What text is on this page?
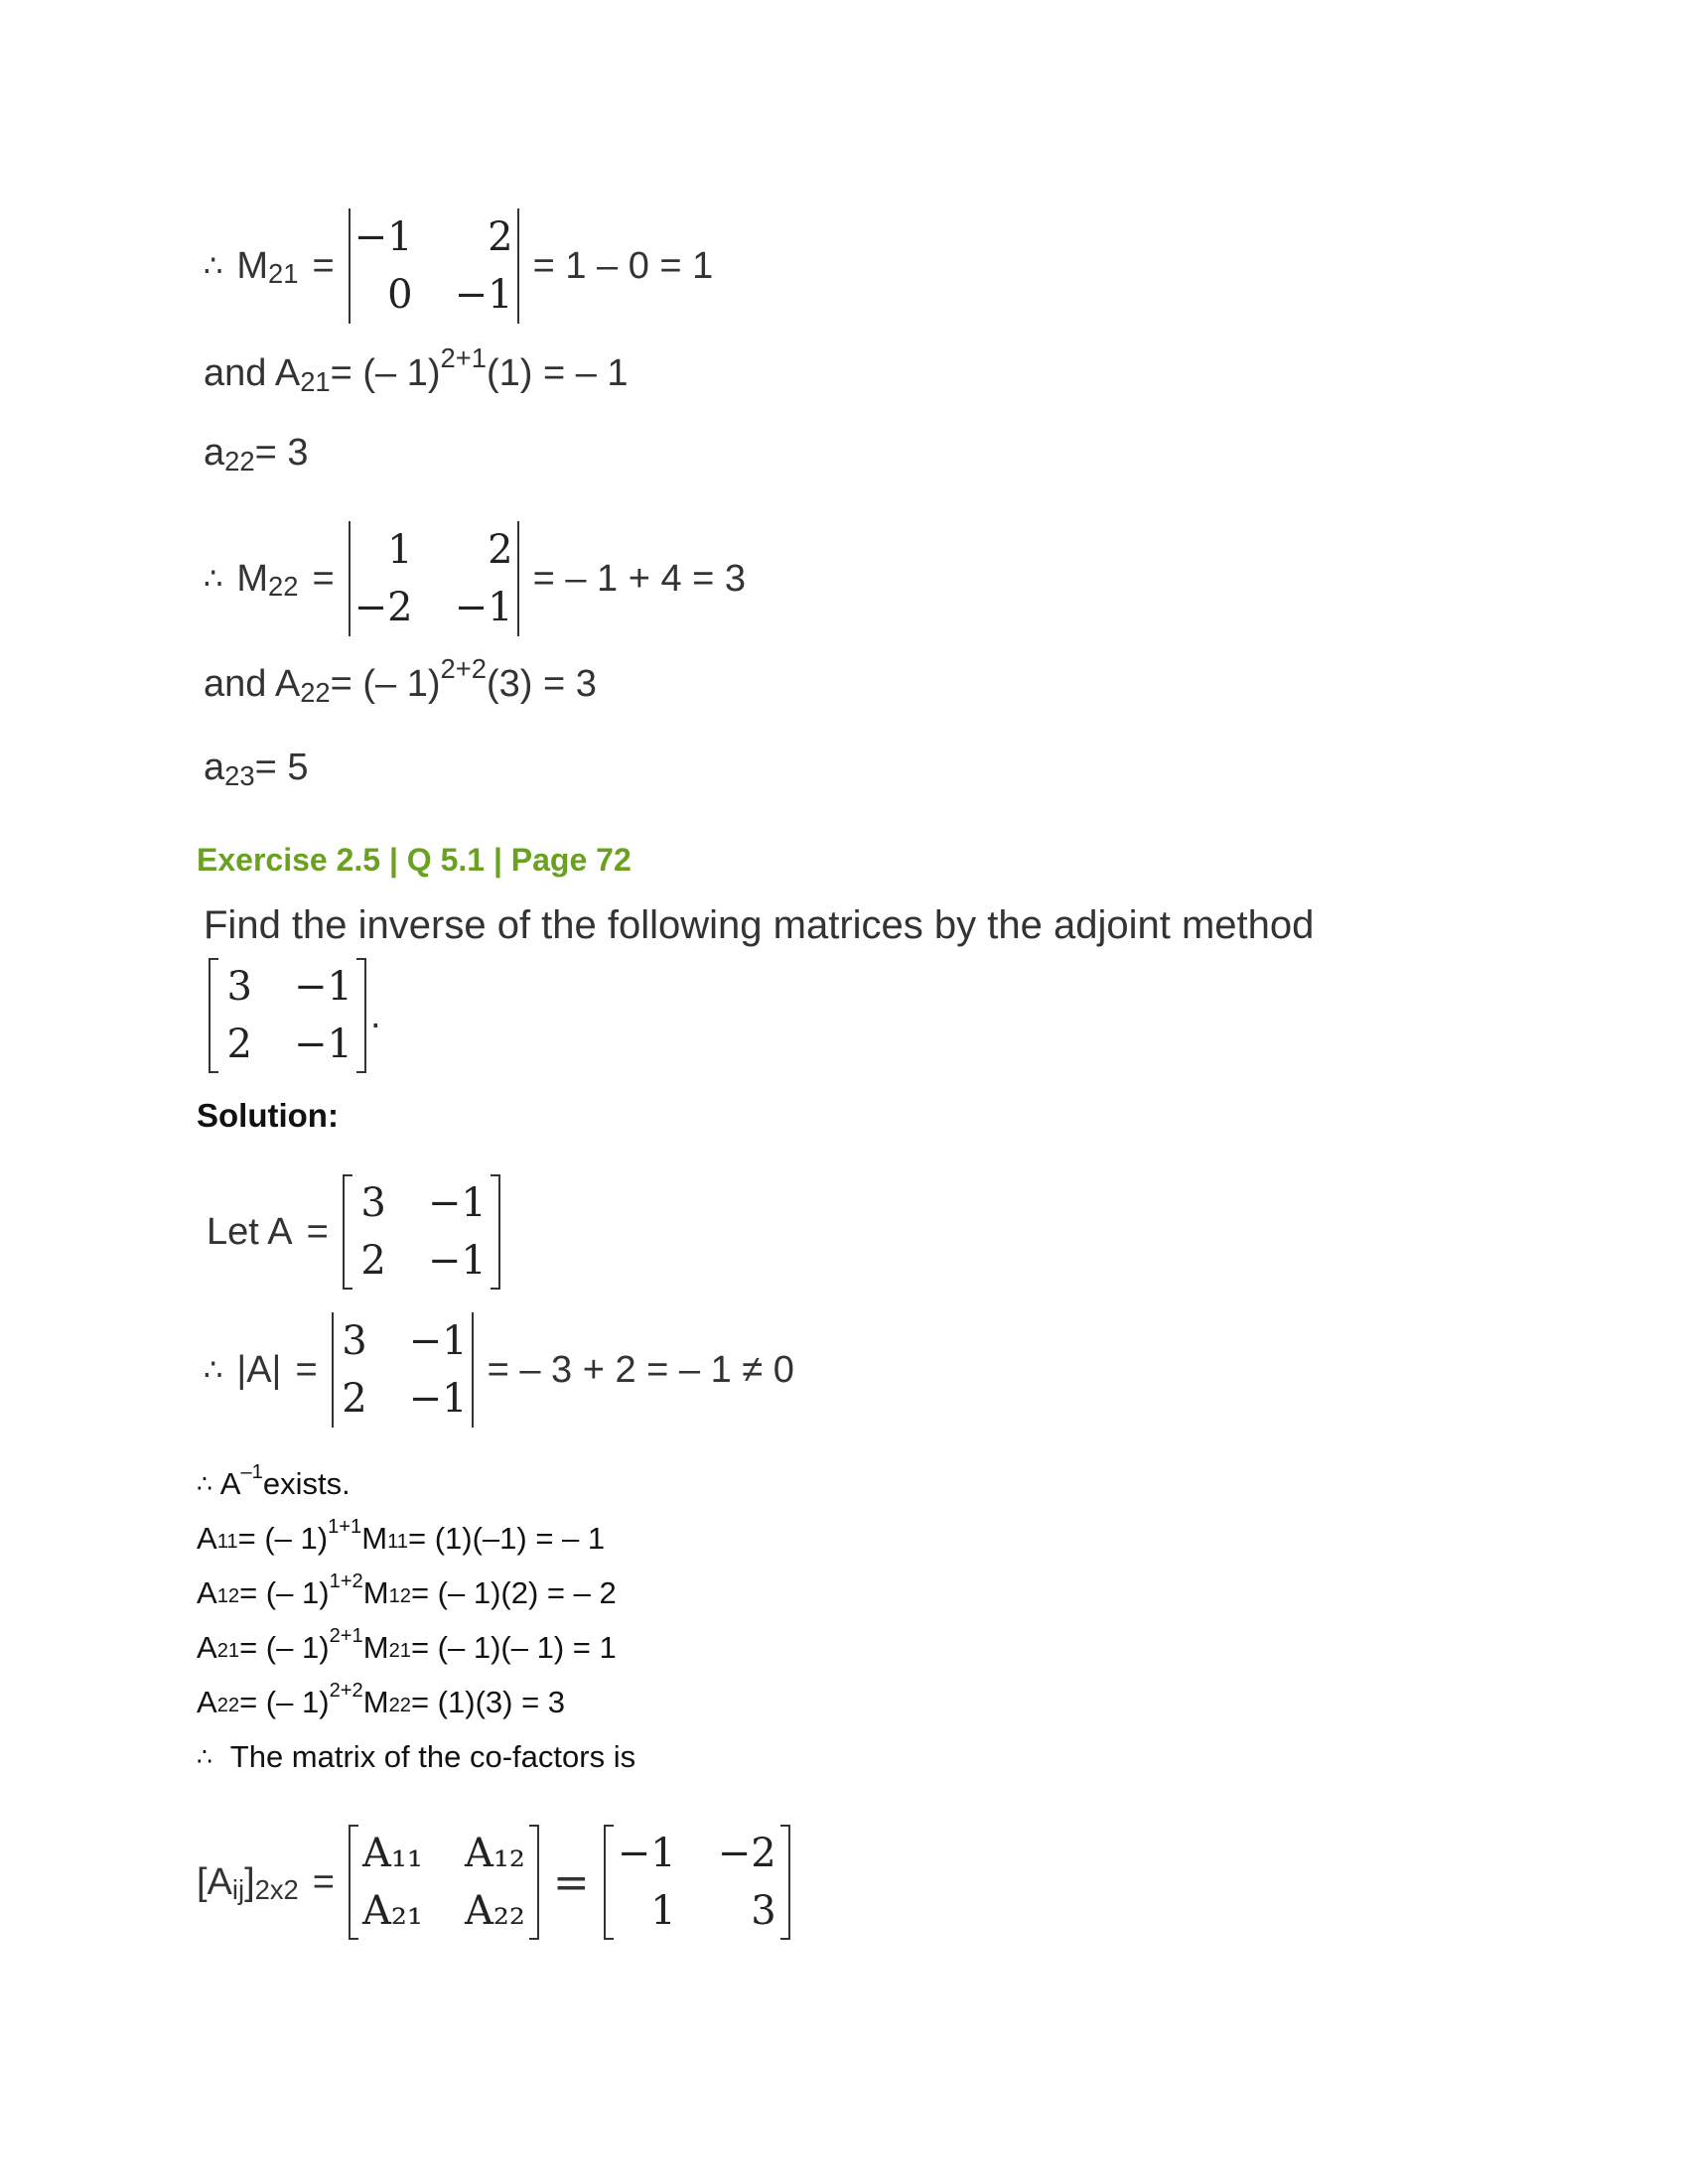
∴ M 21 =
−1	2
0 −1
= 1 – 0 = 1
and A 21 = (– 1) 2+1 (1) = – 1
a 22 = 3
∴ M 22 =
1	2
−2 −1
= – 1 + 4 = 3
and A 22 = (– 1) 2+2 (3) = 3
a 23 = 5
Exercise 2.5 | Q 5.1 | Page 72
Find the inverse of the following matrices by the adjoint method
3 −1
2 −1
.
Solution:
Let A =
3 −1
2 −1
∴ |A| =
3 −1
2 −1
= – 3 + 2 = – 1 ≠ 0
∴ A –1 exists.
A 11 = (– 1) 1+1 M 11 = (1)(–1) = – 1
A 12 = (– 1) 1+2 M 12 = (– 1)(2) = – 2
A 21 = (– 1) 2+1 M 21 = (– 1)(– 1) = 1
A 22 = (– 1) 2+2 M 22 = (1)(3) = 3
∴ The matrix of the co-factors is
[A ij ] 2x2 =
A₁₁ A₁₂
A₂₁ A₂₂
=
−1 −2
1	3
